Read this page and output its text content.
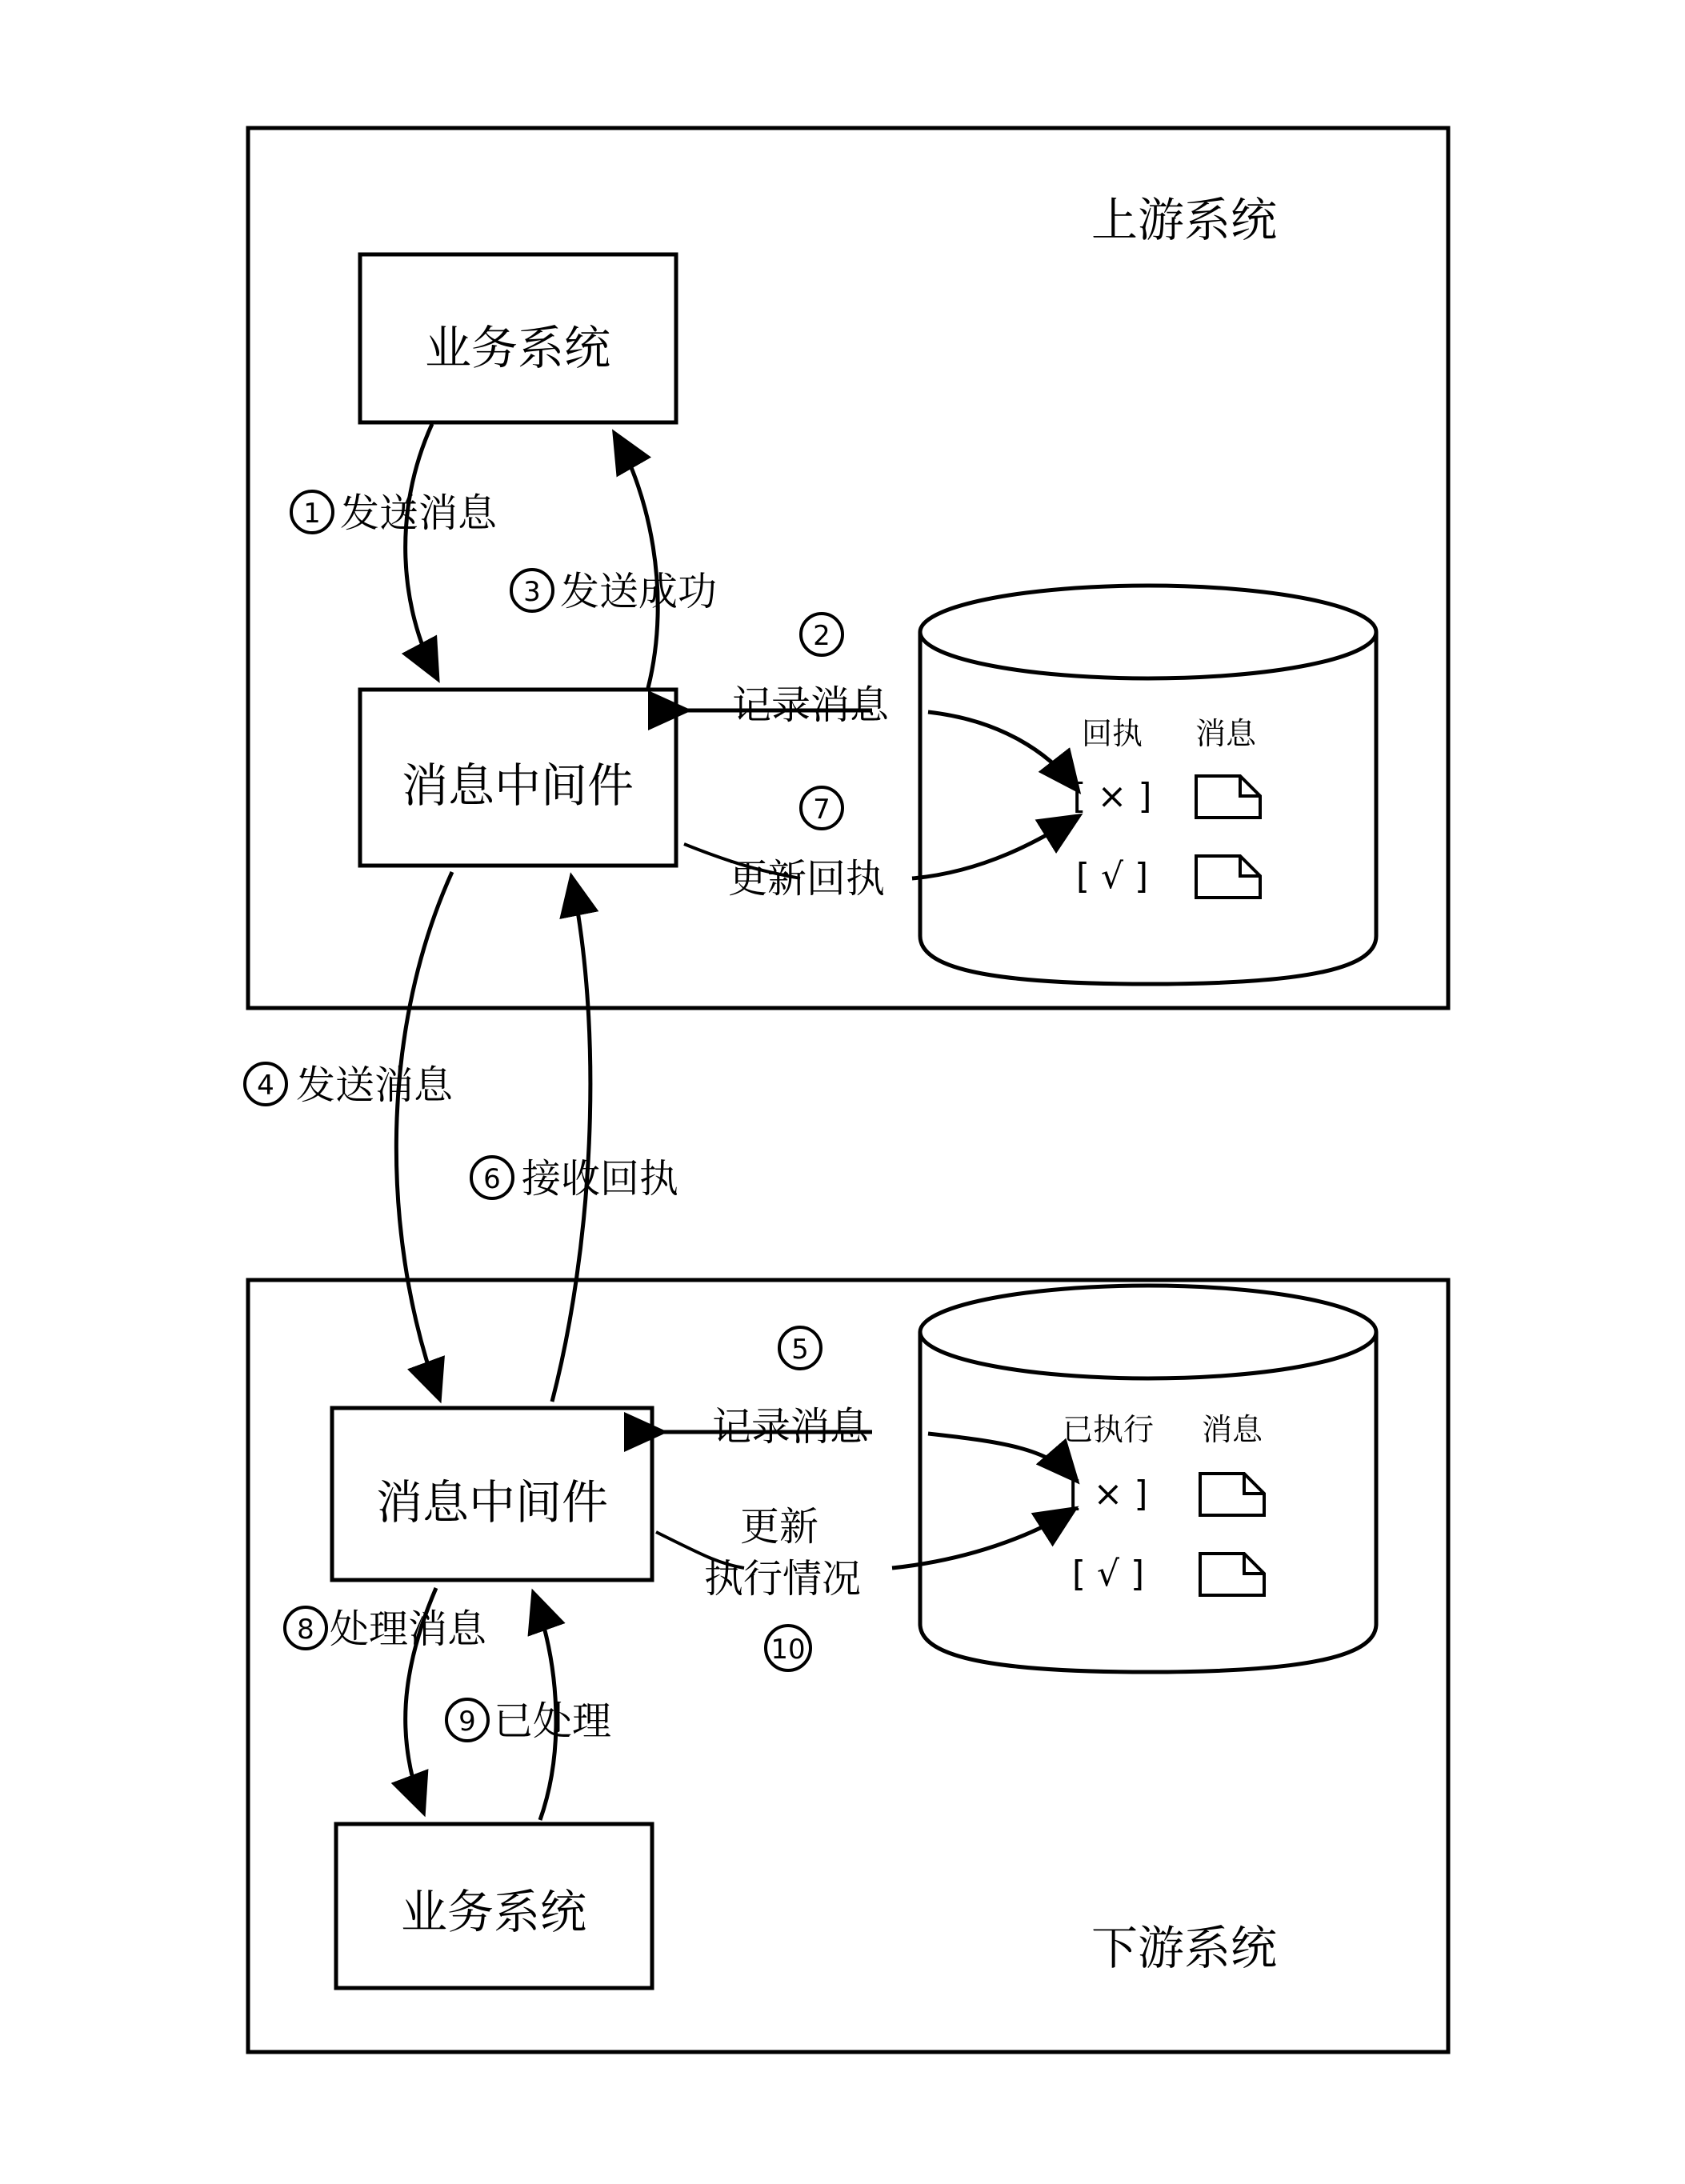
上游系统
业务系统
消息中间件
回执 消息
[ × ]
[ √ ]
1 发送消息
3 发送成功
2
记录消息
7
更新回执
下游系统
消息中间件
业务系统
已执行 消息
[ × ]
[ √ ]
4 发送消息
6 接收回执
5
记录消息
更新
执行情况
10
8 处理消息
9 已处理
